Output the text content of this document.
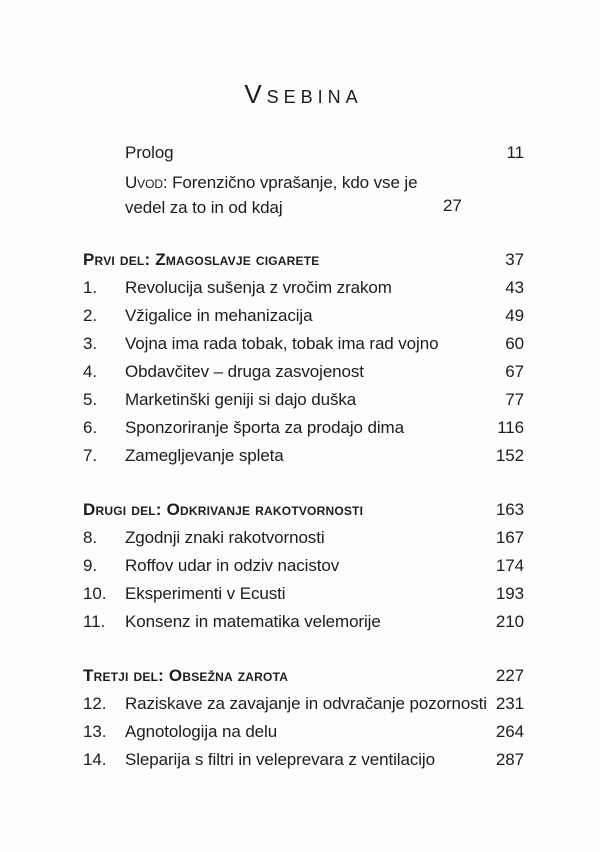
Vsebina
Prolog	11
Uvod: Forenzično vprašanje, kdo vse je vedel za to in od kdaj	27
Prvi del: Zmagoslavje cigarete	37
1.	Revolucija sušenja z vročim zrakom	43
2.	Vžigalice in mehanizacija	49
3.	Vojna ima rada tobak, tobak ima rad vojno	60
4.	Obdavčitev – druga zasvojenost	67
5.	Marketinški geniji si dajo duška	77
6.	Sponzoriranje športa za prodajo dima	116
7.	Zamegljevanje spleta	152
Drugi del: Odkrivanje rakotvornosti	163
8.	Zgodnji znaki rakotvornosti	167
9.	Roffov udar in odziv nacistov	174
10.	Eksperimenti v Ecusti	193
11.	Konsenz in matematika velemorije	210
Tretji del: Obsežna zarota	227
12.	Raziskave za zavajanje in odvračanje pozornosti 231
13.	Agnotologija na delu	264
14.	Sleparija s filtri in veleprevara z ventilacijo	287
